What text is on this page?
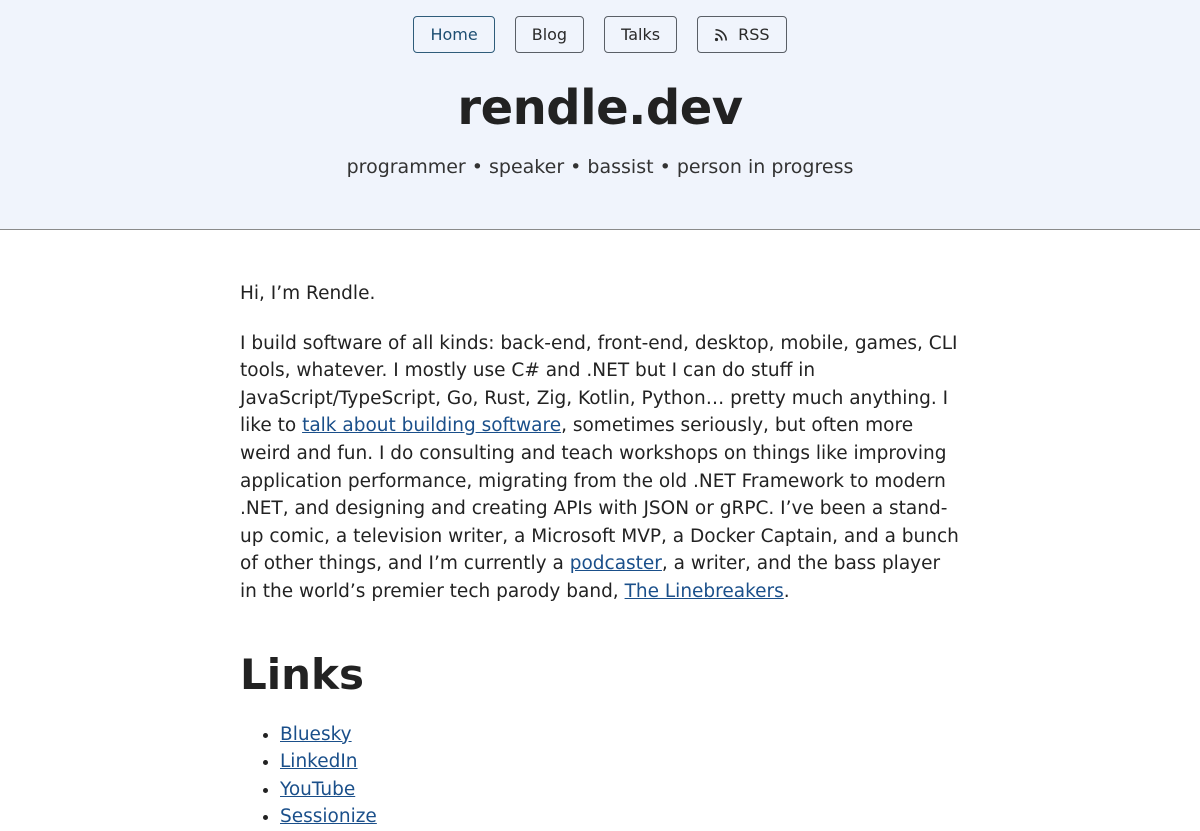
Home	Blog	Talks	RSS
rendle.dev

programmer • speaker • bassist • person in progress

Hi, I’m Rendle.

I build software of all kinds: back-end, front-end, desktop, mobile, games, CLI tools, whatever. I mostly use C# and .NET but I can do stuff in JavaScript/TypeScript, Go, Rust, Zig, Kotlin, Python… pretty much anything. I like to talk about building software, sometimes seriously, but often more weird and fun. I do consulting and teach workshops on things like improving application performance, migrating from the old .NET Framework to modern .NET, and designing and creating APIs with JSON or gRPC. I’ve been a stand-up comic, a television writer, a Microsoft MVP, a Docker Captain, and a bunch of other things, and I’m currently a podcaster, a writer, and the bass player in the world’s premier tech parody band, The Linebreakers.

Links
• Bluesky
• LinkedIn
• YouTube
• Sessionize
